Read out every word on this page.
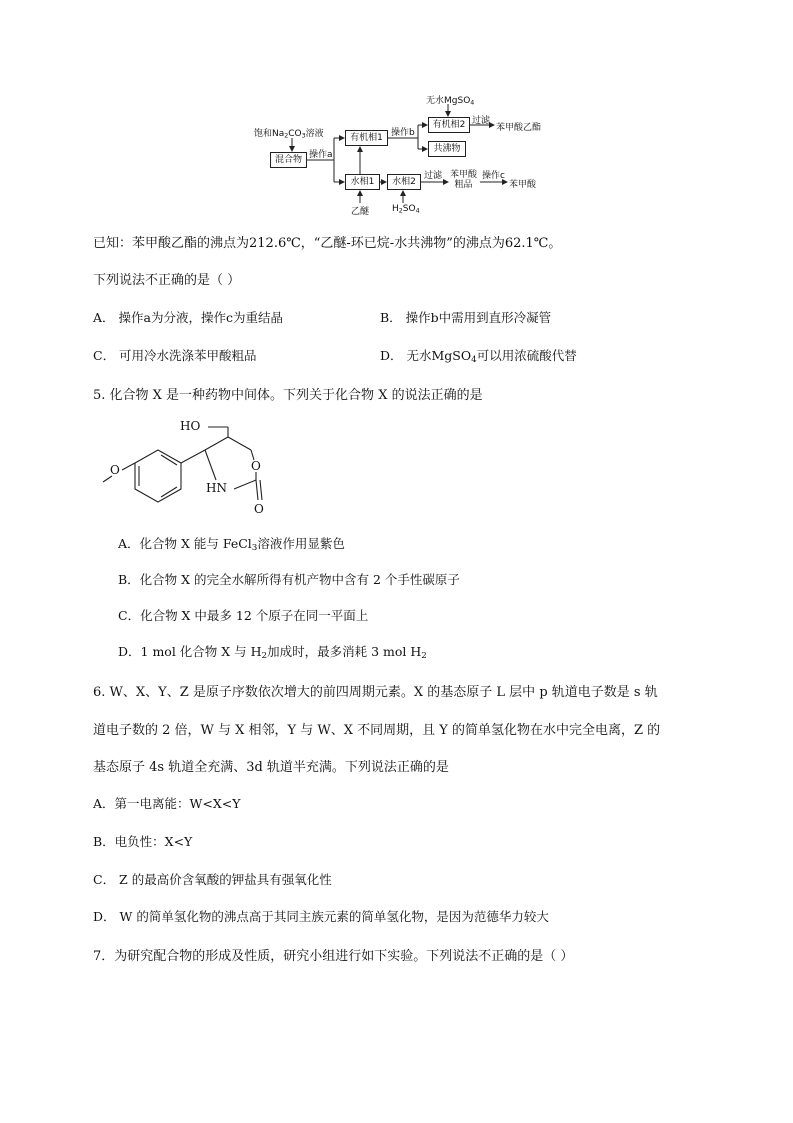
无水MgSO$_4$
饱和$Na_2CO_3$溶液
混合物 操作a
有机相1 操作b
有机相2 过滤
苯甲酸乙酯
共沸物
水相1	水相2
过滤 苯甲酸
粗品
操作c
苯甲酸
乙醚	$H_2SO_4$
已知：苯甲酸乙酯的沸点为212.6℃，“乙醚-环已烷-水共沸物”的沸点为62.1℃。
下列说法不正确的是（ ）
A． 操作a为分液，操作c为重结晶	B． 操作b中需用到直形冷凝管
C． 可用冷水洗涤苯甲酸粗品	D． 无水MgSO$_4$可以用浓硫酸代替
5. 化合物 X 是一种药物中间体。下列关于化合物 X 的说法正确的是
O
HO
O
HN
O
A．化合物 X 能与 FeCl$_3$溶液作用显紫色
B．化合物 X 的完全水解所得有机产物中含有 2 个手性碳原子
C．化合物 X 中最多 12 个原子在同一平面上
D．1 mol 化合物 X 与 $H_2$加成时，最多消耗 3 mol $H_2$
6. W、X、Y、Z 是原子序数依次增大的前四周期元素。X 的基态原子 L 层中 p 轨道电子数是 s 轨
道电子数的 2 倍，W 与 X 相邻，Y 与 W、X 不同周期，且 Y 的简单氢化物在水中完全电离，Z 的
基态原子 4s 轨道全充满、3d 轨道半充满。下列说法正确的是
A．第一电离能：W<X<Y
B．电负性：X<Y
C． Z 的最高价含氧酸的钾盐具有强氧化性
D． W 的简单氢化物的沸点高于其同主族元素的简单氢化物，是因为范德华力较大
7．为研究配合物的形成及性质，研究小组进行如下实验。下列说法不正确的是（ ）
